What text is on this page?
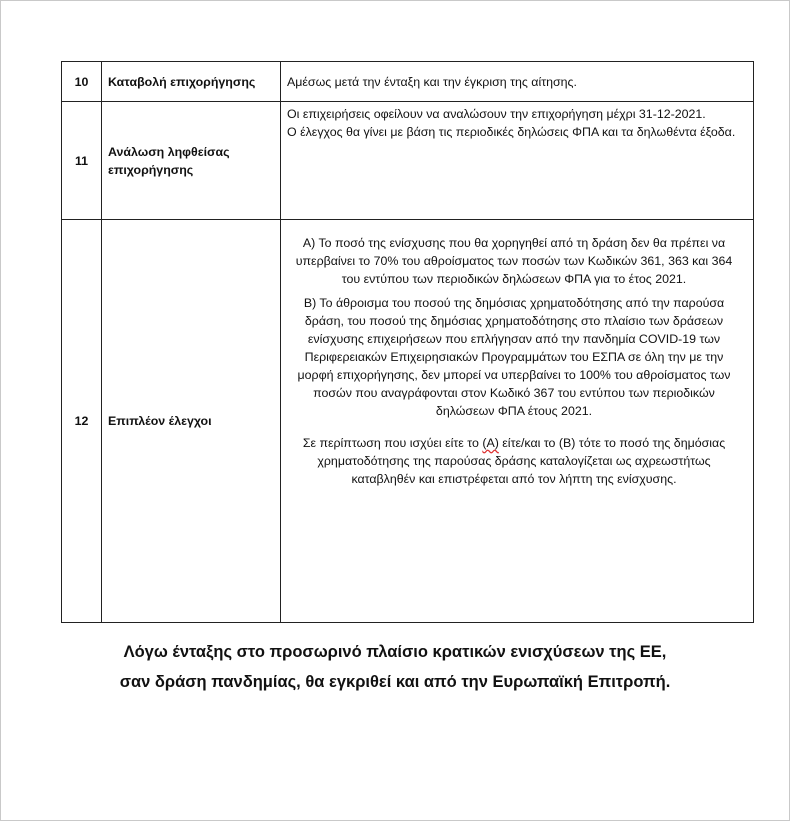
10	Καταβολή επιχορήγησης	Αμέσως μετά την ένταξη και την έγκριση της αίτησης.
11	Ανάλωση ληφθείσας επιχορήγησης	Οι επιχειρήσεις οφείλουν να αναλώσουν την επιχορήγηση μέχρι 31-12-2021.

Ο έλεγχος θα γίνει με βάση τις περιοδικές δηλώσεις ΦΠΑ και τα δηλωθέντα έξοδα.

12	Επιπλέον έλεγχοι	Α) Το ποσό της ενίσχυσης που θα χορηγηθεί από τη δράση δεν θα πρέπει να υπερβαίνει το 70% του αθροίσματος των ποσών των Κωδικών 361, 363 και 364 του εντύπου των περιοδικών δηλώσεων ΦΠΑ για το έτος 2021.

Β) Το άθροισμα του ποσού της δημόσιας χρηματοδότησης από την παρούσα δράση, του ποσού της δημόσιας χρηματοδότησης στο πλαίσιο των δράσεων ενίσχυσης επιχειρήσεων που επλήγησαν από την πανδημία COVID-19 των Περιφερειακών Επιχειρησιακών Προγραμμάτων του ΕΣΠΑ σε όλη την με την μορφή επιχορήγησης, δεν μπορεί να υπερβαίνει το 100% του αθροίσματος των ποσών που αναγράφονται στον Κωδικό 367 του εντύπου των περιοδικών δηλώσεων ΦΠΑ έτους 2021.

Σε περίπτωση που ισχύει είτε το (Α) είτε/και το (Β) τότε το ποσό της δημόσιας χρηματοδότησης της παρούσας δράσης καταλογίζεται ως αχρεωστήτως καταβληθέν και επιστρέφεται από τον λήπτη της ενίσχυσης.

Λόγω ένταξης στο προσωρινό πλαίσιο κρατικών ενισχύσεων της ΕΕ,
σαν δράση πανδημίας, θα εγκριθεί και από την Ευρωπαϊκή Επιτροπή.
